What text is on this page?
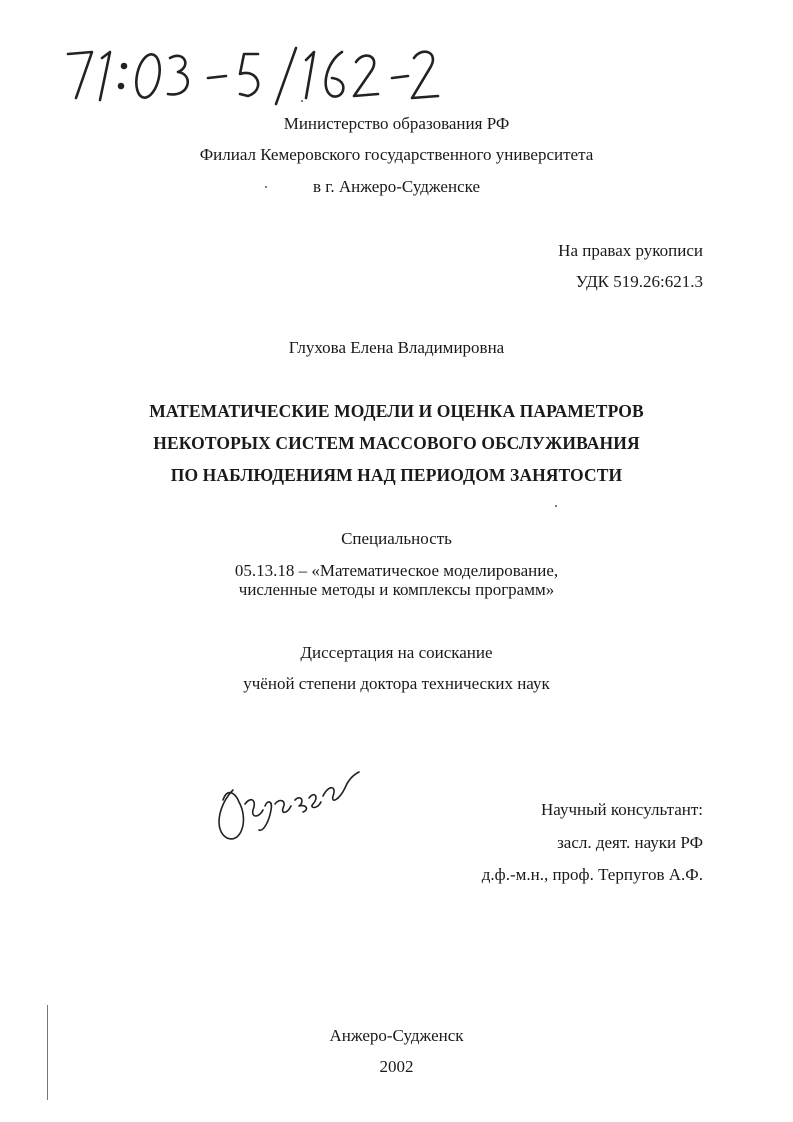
Министерство образования РФ
Филиал Кемеровского государственного университета
в г. Анжеро-Судженске
На правах рукописи
УДК 519.26:621.3
Глухова Елена Владимировна
МАТЕМАТИЧЕСКИЕ МОДЕЛИ И ОЦЕНКА ПАРАМЕТРОВ
НЕКОТОРЫХ СИСТЕМ МАССОВОГО ОБСЛУЖИВАНИЯ
ПО НАБЛЮДЕНИЯМ НАД ПЕРИОДОМ ЗАНЯТОСТИ
Специальность
05.13.18 – «Математическое моделирование,
численные методы и комплексы программ»
Диссертация на соискание
учёной степени доктора технических наук
Научный консультант:
засл. деят. науки РФ
д.ф.-м.н., проф. Терпугов А.Ф.
Анжеро-Судженск
2002
